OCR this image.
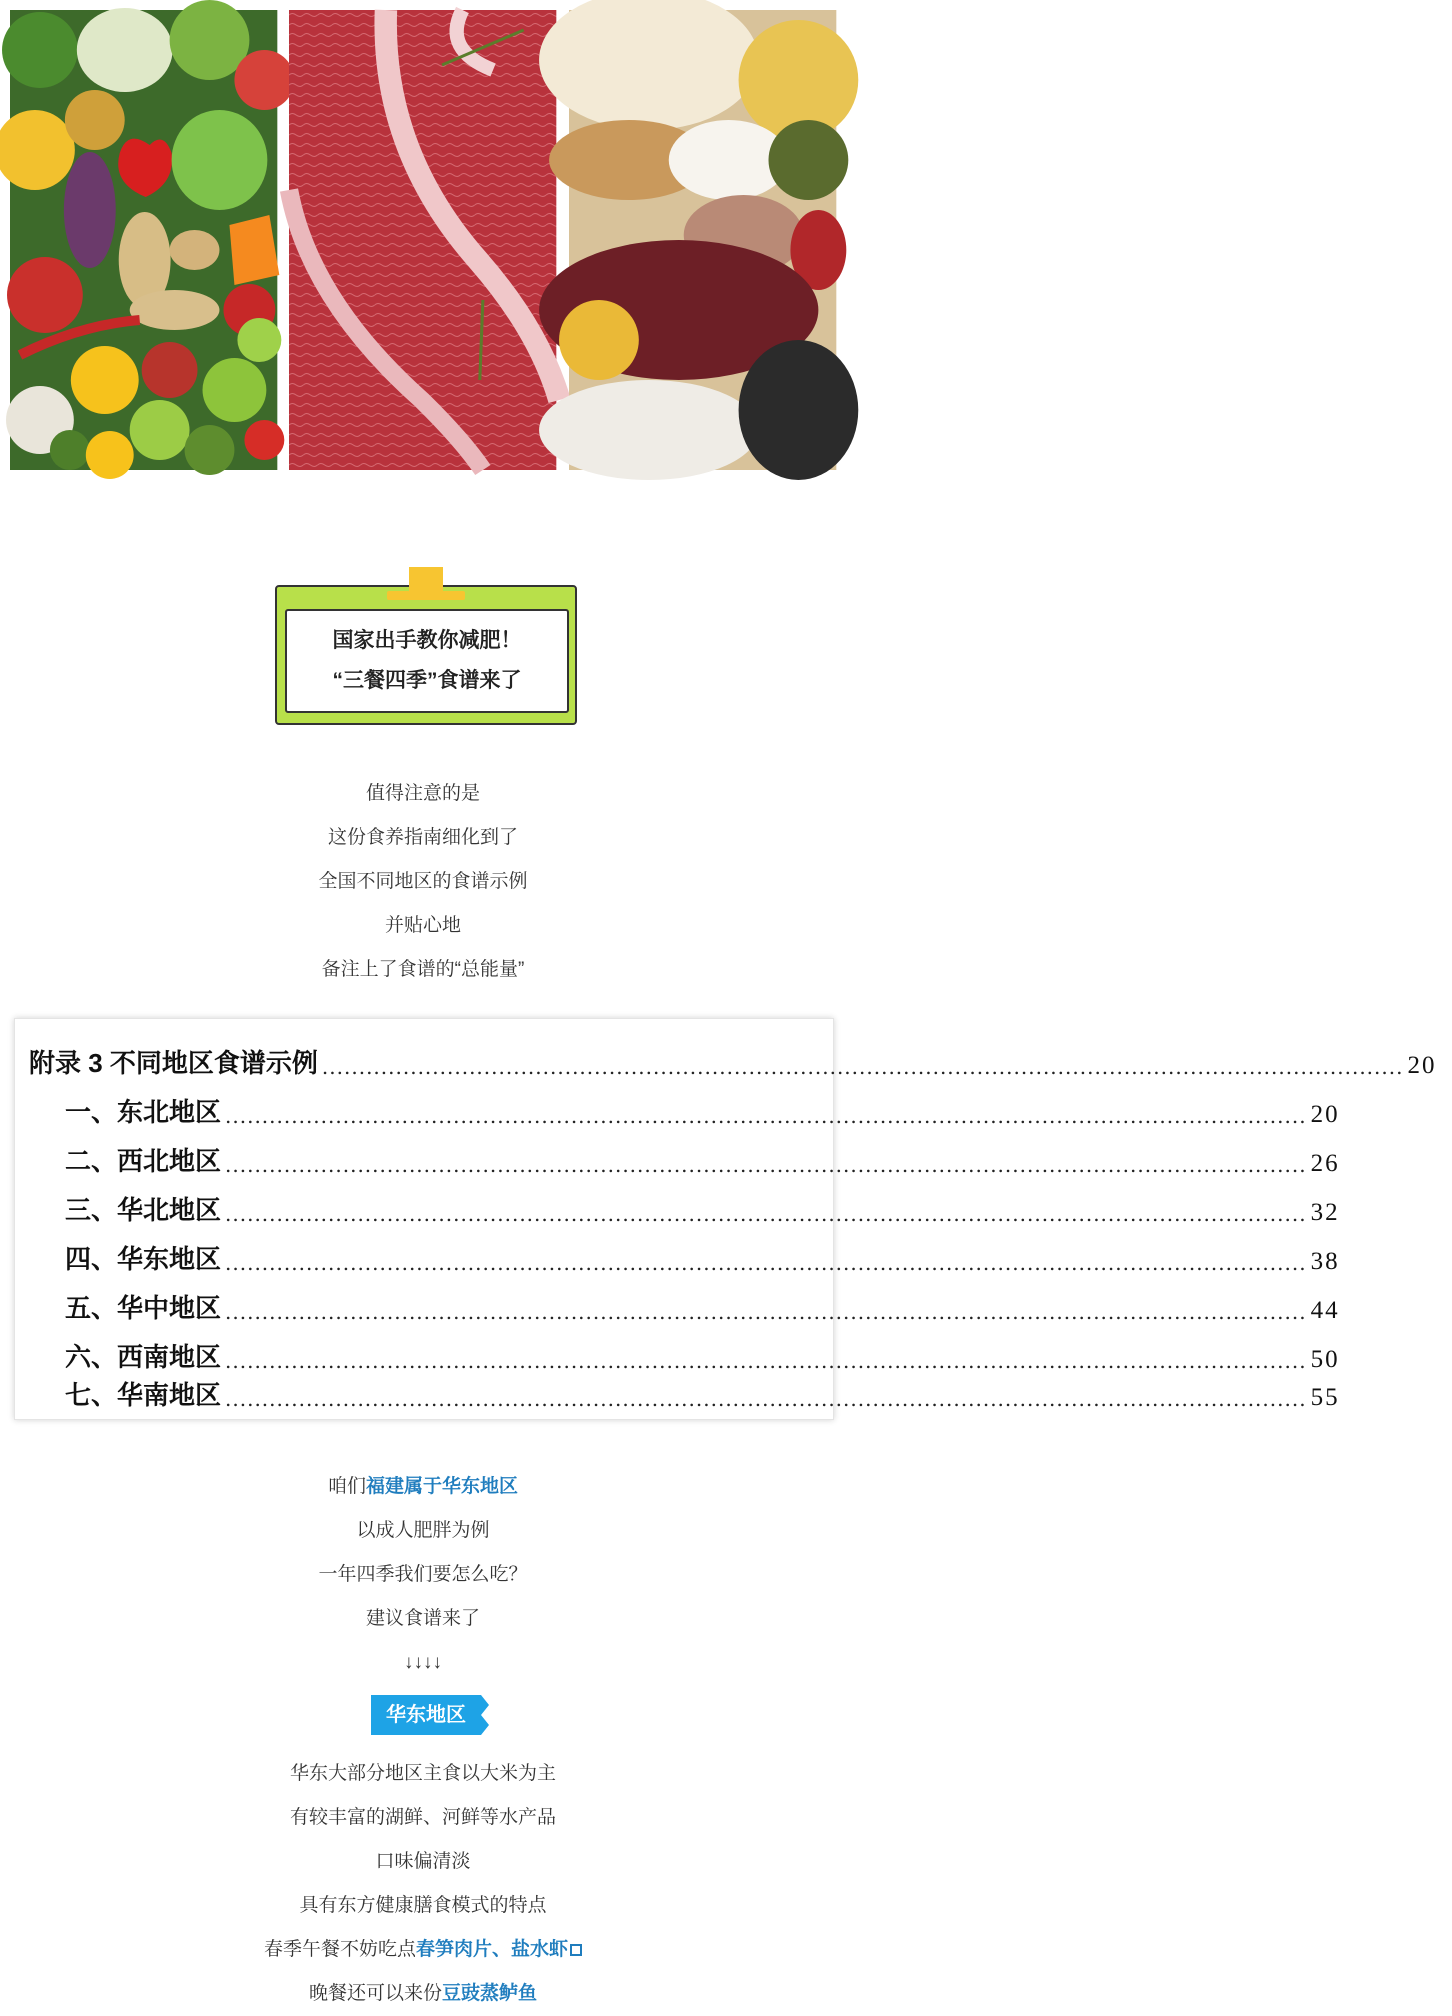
国家出手教你减肥！
“三餐四季”食谱来了

值得注意的是

这份食养指南细化到了

全国不同地区的食谱示例

并贴心地

备注上了食谱的“总能量”

附录 3 不同地区食谱示例 ................................................................................................................................................... 20
一、东北地区 ................................................................................................................................................... 20
二、西北地区 ................................................................................................................................................... 26
三、华北地区 ................................................................................................................................................... 32
四、华东地区 ................................................................................................................................................... 38
五、华中地区 ................................................................................................................................................... 44
六、西南地区 ................................................................................................................................................... 50
七、华南地区 ................................................................................................................................................... 55

咱们福建属于华东地区

以成人肥胖为例

一年四季我们要怎么吃？

建议食谱来了

↓↓↓↓

华东地区

华东大部分地区主食以大米为主

有较丰富的湖鲜、河鲜等水产品

口味偏清淡

具有东方健康膳食模式的特点

春季午餐不妨吃点春笋肉片、盐水虾

晚餐还可以来份豆豉蒸鲈鱼
